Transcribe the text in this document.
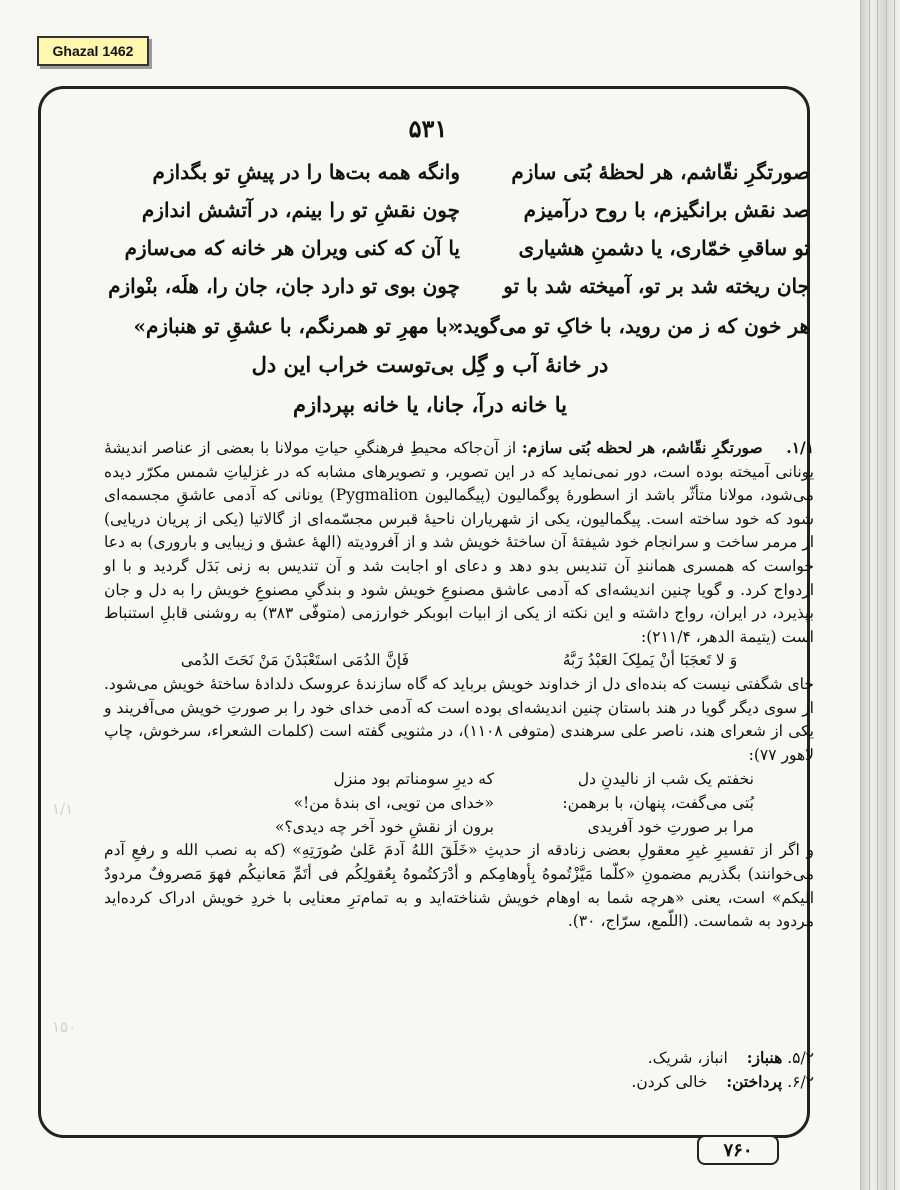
Ghazal 1462
۵۳۱
صورتگرِ نقّاشم، هر لحظهٔ بُتی سازم
وانگه همه بت‌ها را در پیشِ تو بگدازم
صد نقش برانگیزم، با روح درآمیزم
چون نقشِ تو را بینم، در آتشش اندازم
تو ساقیِ خمّاری، یا دشمنِ هشیاری
یا آن که کنی ویران هر خانه که می‌سازم
جان ریخته شد بر تو، آمیخته شد با تو
چون بوی تو دارد جان، جان را، هلَه، بنْوازم
هر خون که ز من روید، با خاکِ تو می‌گوید:
«با مهرِ تو همرنگم، با عشقِ تو هنبازم»
در خانهٔ آب و گِل بی‌توست خراب این دل
یا خانه درآ، جانا، یا خانه بپردازم
۱/۱
۱۵۰
۱/۱. صورتگرِ نقّاشم، هر لحظه بُتی سازم: از آن‌جاکه محیطِ فرهنگیِ حیاتِ مولانا با بعضی از عناصر اندیشهٔ یونانی آمیخته بوده است، دور نمی‌نماید که در این تصویر، و تصویرهای مشابه که در غزلیاتِ شمس مکرّر دیده می‌شود، مولانا متأثّر باشد از اسطورهٔ پوگمالیون (پیگمالیون Pygmalion) یونانی که آدمی عاشقِ مجسمه‌ای شود که خود ساخته است. پیگمالیون، یکی از شهریاران ناحیهٔ قبرس مجسّمه‌ای از گالاتیا (یکی از پریان دریایی) از مرمر ساخت و سرانجام خود شیفتهٔ آن ساختهٔ خویش شد و از آفرودیته (الههٔ عشق و زیبایی و باروری) به دعا خواست که همسری همانندِ آن تندیس بدو دهد و دعای او اجابت شد و آن تندیس به زنی بَدَل گردید و با او ازدواج کرد. و گویا چنین اندیشه‌ای که آدمی عاشق مصنوعِ خویش شود و بندگیِ مصنوعِ خویش را به دل و جان بپذیرد، در ایران، رواج داشته و این نکته از یکی از ابیات ابوبکر خوارزمی (متوفّی ۳۸۳) به روشنی قابلِ استنباط است (یتیمة الدهر، ۲۱۱/۴):
وَ لا تَعجَبَا أنْ یَملِکَ العَبْدُ رَبَّهُ
فَإنَّ الدُمَی استَعْبَدْنَ مَنْ نَحَتَ الدُمی
جای شگفتی نیست که بنده‌ای دل از خداوند خویش برباید که گاه سازندهٔ عروسک دلدادهٔ ساختهٔ خویش می‌شود. از سوی دیگر گویا در هند باستان چنین اندیشه‌ای بوده است که آدمی خدای خود را بر صورتِ خویش می‌آفریند و یکی از شعرای هند، ناصر علی سرهندی (متوفی ۱۱۰۸)، در مثنویی گفته است (کلمات الشعراء، سرخوش، چاپ لاهور ۷۷):
نخفتم یک شب از نالیدنِ دل
که دیرِ سومناتم بود منزل
بُتی می‌گفت، پنهان، با برهمن:
«خدای من تویی، ای بندهٔ من!»
مرا بر صورتِ خود آفریدی
برون از نقشِ خود آخر چه دیدی؟»
و اگر از تفسیرِ غیرِ معقولِ بعضی زنادقه از حدیثِ «خَلَقَ اللهُ آدمَ عَلیٰ صُورَتِهِ» (که به نصب الله و رفعِ آدم می‌خوانند) بگذریم مضمونِ «کلّما مَیَّزْتُموهُ بِأوهامِکم و أدْرَکتُموهُ بِعُقولِکُم فی أتَمِّ مَعانیکُم فهوَ مَصروفٌ مردودٌ الیکم» است، یعنی «هرچه شما به اوهام خویش شناخته‌اید و به تمام‌ترِ معنایی با خردِ خویش ادراک کرده‌اید مردود به شماست. (اللّمع، سرّاج، ۳۰).
۵/۲. هنباز: انباز، شریک.
۶/۲. پرداختن: خالی کردن.
۷۶۰
